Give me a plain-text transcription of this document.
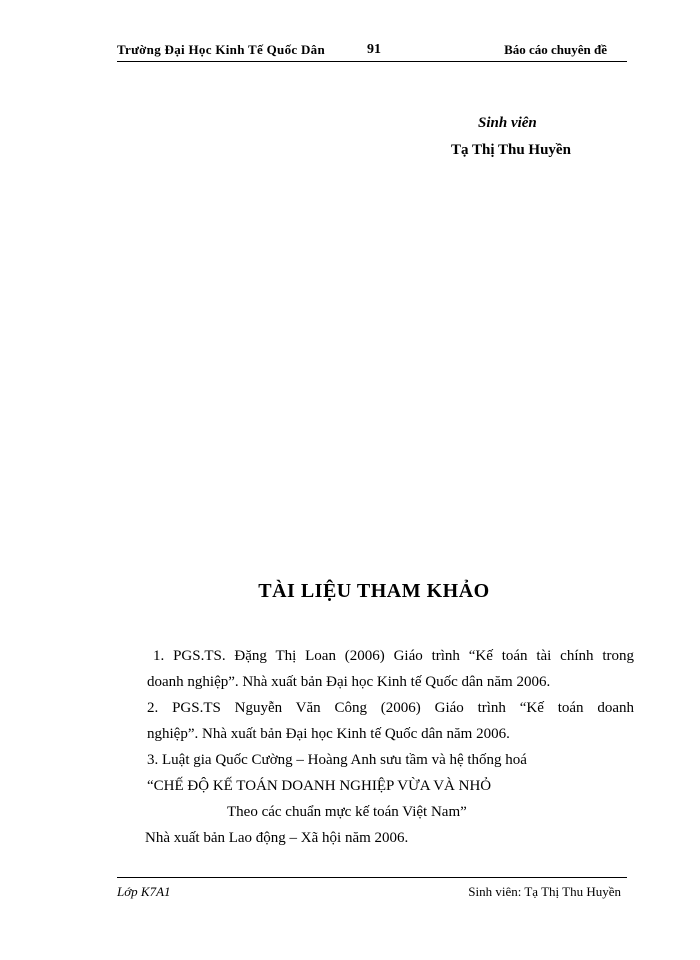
Trường Đại Học Kinh Tế Quốc Dân	91	Báo cáo chuyên đề
Sinh viên
Tạ Thị Thu Huyền
TÀI LIỆU THAM KHẢO

1. PGS.TS. Đặng Thị Loan (2006) Giáo trình “Kế toán tài chính trong

doanh nghiệp”. Nhà xuất bản Đại học Kinh tế Quốc dân năm 2006.

2. PGS.TS Nguyễn Văn Công (2006) Giáo trình “Kế toán doanh

nghiệp”. Nhà xuất bản Đại học Kinh tế Quốc dân năm 2006.

3. Luật gia Quốc Cường – Hoàng Anh sưu tầm và hệ thống hoá

“CHẾ ĐỘ KẾ TOÁN DOANH NGHIỆP VỪA VÀ NHỎ

Theo các chuẩn mực kế toán Việt Nam”

Nhà xuất bản Lao động – Xã hội năm 2006.

Lớp K7A1	Sinh viên: Tạ Thị Thu Huyền
